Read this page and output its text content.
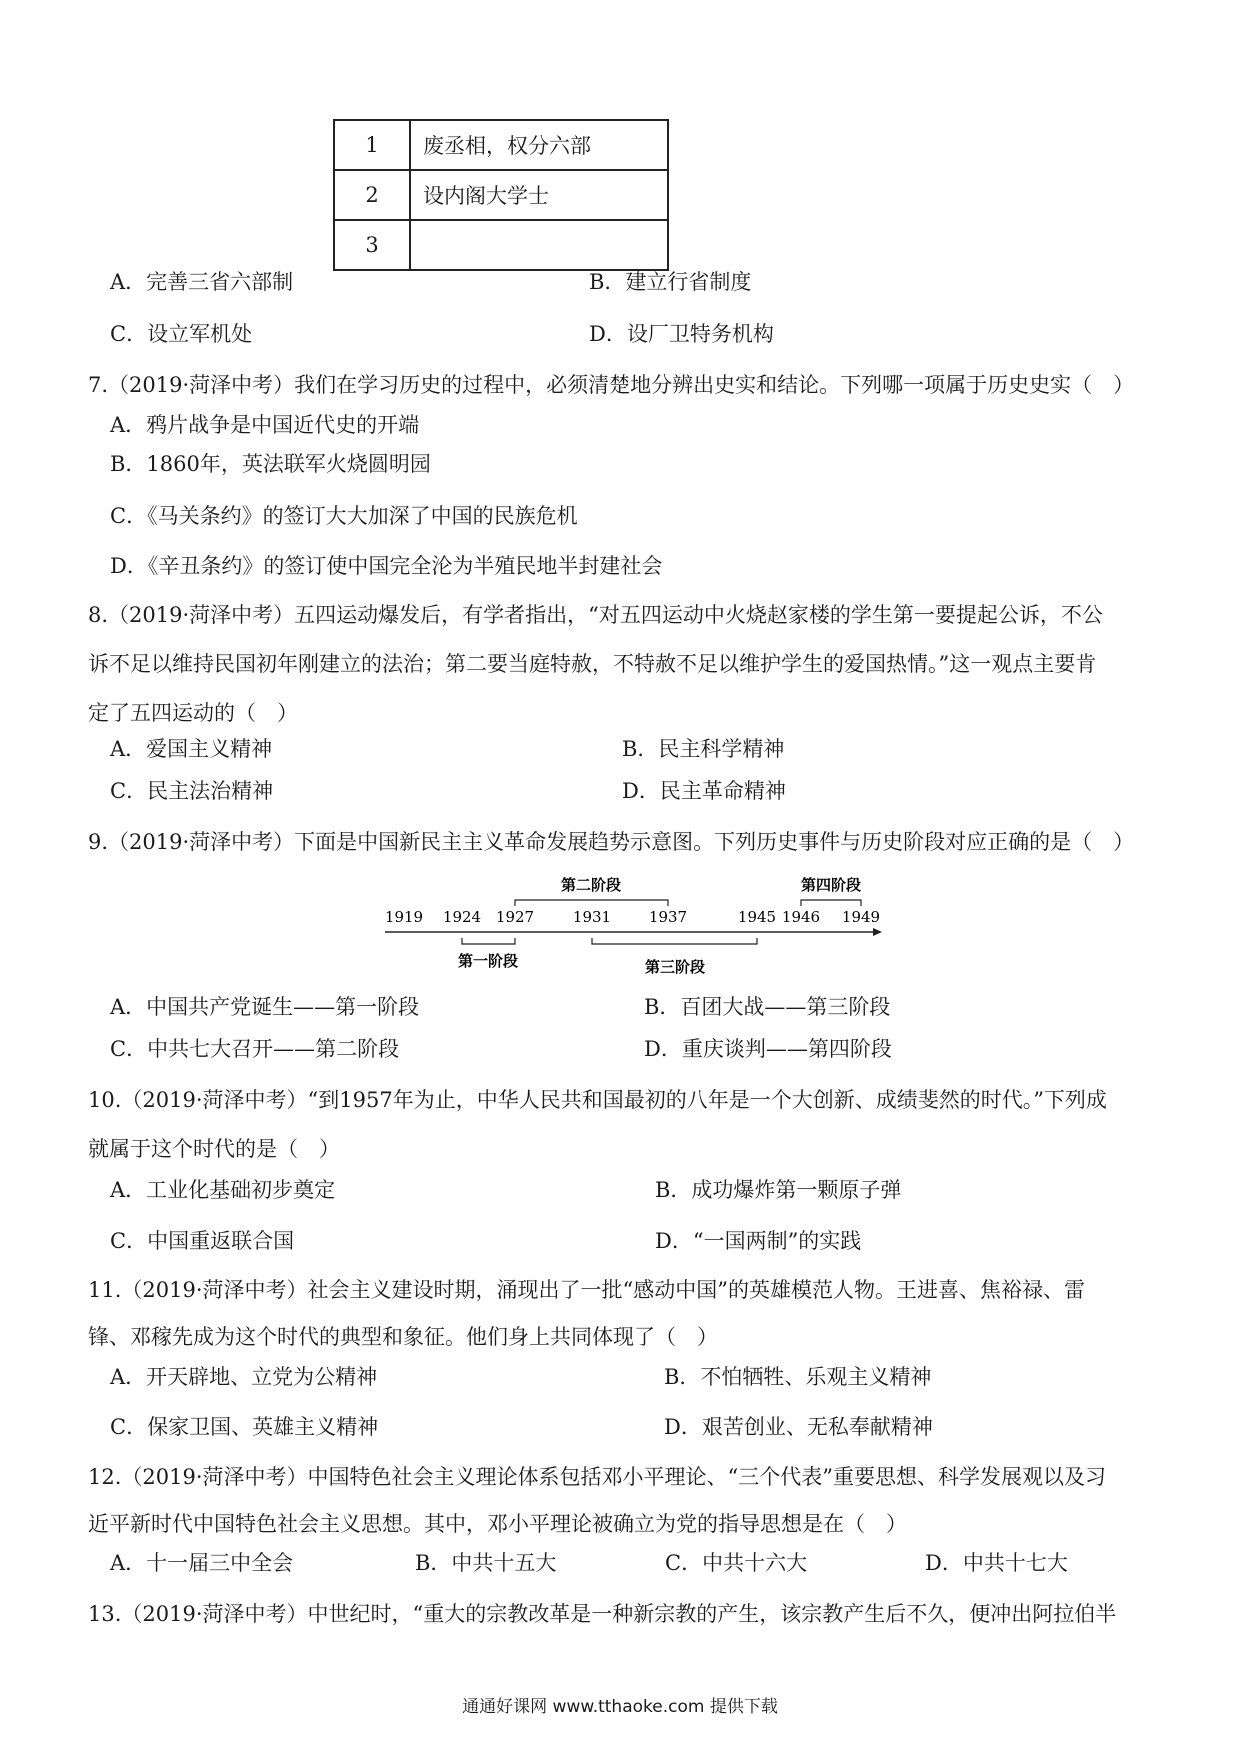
1	废丞相，权分六部
2	设内阁大学士
3	
A．完善三省六部制	B．建立行省制度
C．设立军机处	D．设厂卫特务机构
7.（2019·菏泽中考）我们在学习历史的过程中，必须清楚地分辨出史实和结论。下列哪一项属于历史史实（　）
A．鸦片战争是中国近代史的开端
B．1860年，英法联军火烧圆明园
C．《马关条约》的签订大大加深了中国的民族危机
D．《辛丑条约》的签订使中国完全沦为半殖民地半封建社会
8.（2019·菏泽中考）五四运动爆发后，有学者指出，“对五四运动中火烧赵家楼的学生第一要提起公诉，不公
诉不足以维持民国初年刚建立的法治；第二要当庭特赦，不特赦不足以维护学生的爱国热情。”这一观点主要肯
定了五四运动的（　）
A．爱国主义精神	B．民主科学精神
C．民主法治精神	D．民主革命精神
9.（2019·菏泽中考）下面是中国新民主主义革命发展趋势示意图。下列历史事件与历史阶段对应正确的是（　）
1919 1924 1927	1931	1937	1945 1946 1949
第二阶段	第四阶段
第一阶段	第三阶段
A．中国共产党诞生——第一阶段	B．百团大战——第三阶段
C．中共七大召开——第二阶段	D．重庆谈判——第四阶段
10.（2019·菏泽中考）“到1957年为止，中华人民共和国最初的八年是一个大创新、成绩斐然的时代。”下列成
就属于这个时代的是（　）
A．工业化基础初步奠定	B．成功爆炸第一颗原子弹
C．中国重返联合国	D．“一国两制”的实践
11.（2019·菏泽中考）社会主义建设时期，涌现出了一批“感动中国”的英雄模范人物。王进喜、焦裕禄、雷
锋、邓稼先成为这个时代的典型和象征。他们身上共同体现了（　）
A．开天辟地、立党为公精神	B．不怕牺牲、乐观主义精神
C．保家卫国、英雄主义精神	D．艰苦创业、无私奉献精神
12.（2019·菏泽中考）中国特色社会主义理论体系包括邓小平理论、“三个代表”重要思想、科学发展观以及习
近平新时代中国特色社会主义思想。其中，邓小平理论被确立为党的指导思想是在（　）
A．十一届三中全会	B．中共十五大	C．中共十六大	D．中共十七大
13.（2019·菏泽中考）中世纪时，“重大的宗教改革是一种新宗教的产生，该宗教产生后不久，便冲出阿拉伯半
通通好课网 www.tthaoke.com 提供下载
